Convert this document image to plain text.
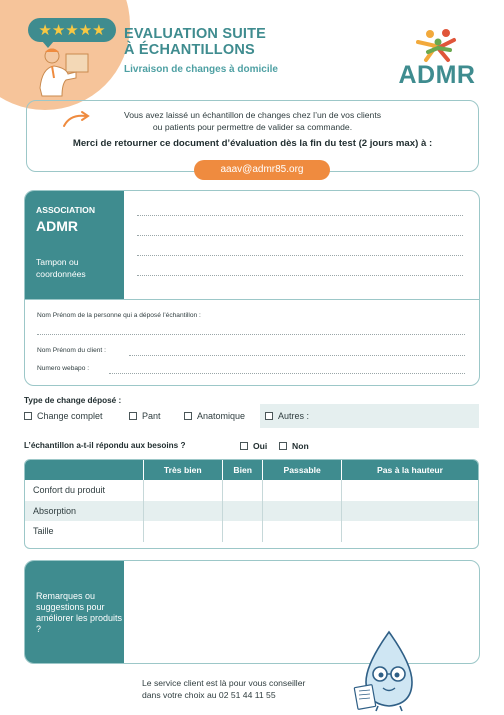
★★★★★ EVALUATION SUITE
À ÉCHANTILLONS
Livraison de changes à domicile	ADMR
Vous avez laissé un échantillon de changes chez l’un de vos clients
ou patients pour permettre de valider sa commande.
Merci de retourner ce document d’évaluation dès la fin du test (2 jours max) à :
aaav@admr85.org
ASSOCIATION
ADMR
Tampon ou coordonnées
Nom Prénom de la personne qui a déposé l’échantillon :
Nom Prénom du client :
Numero webapo :
Type de change déposé :
Change complet	Pant	Anatomique	Autres :
L’échantillon a-t-il répondu aux besoins ?	Oui	Non
	Très bien	Bien	Passable	Pas à la hauteur
Confort du produit				
Absorption				
Taille				
Remarques ou suggestions pour améliorer les produits ?
Le service client est là pour vous conseiller
dans votre choix au 02 51 44 11 55
